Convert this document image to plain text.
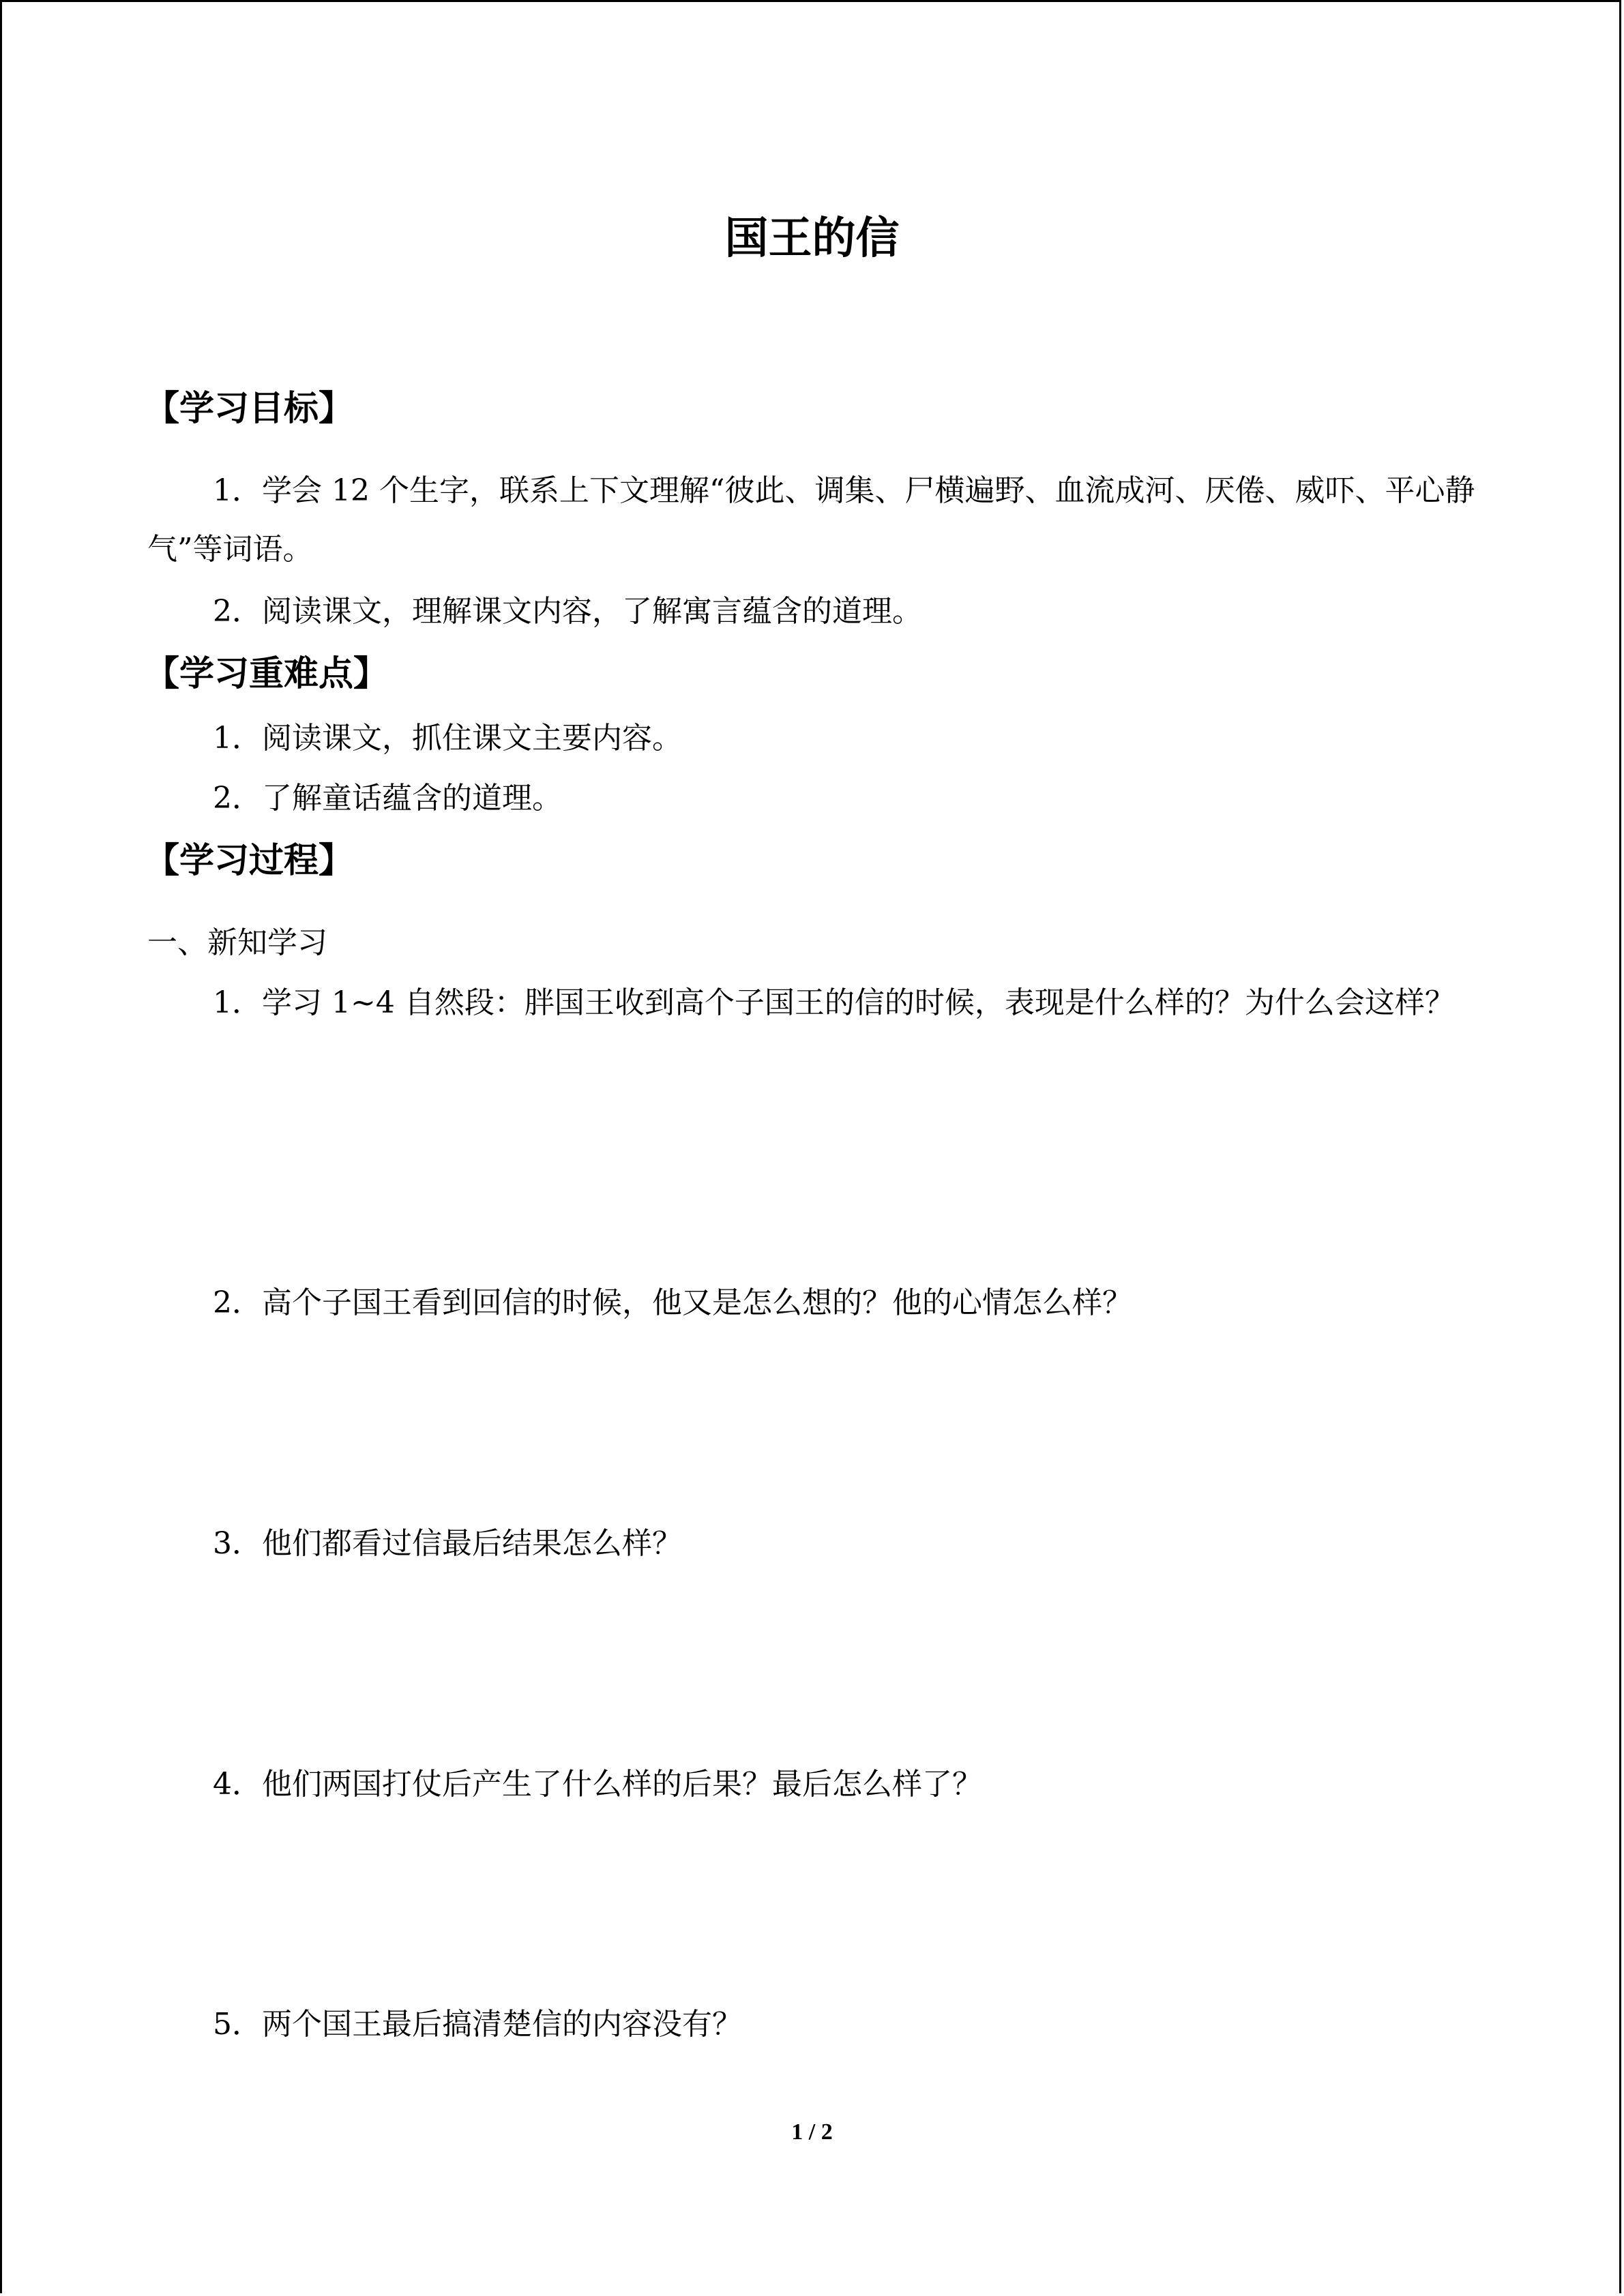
国王的信
【学习目标】
1．学会 12 个生字，联系上下文理解“彼此、调集、尸横遍野、血流成河、厌倦、威吓、平心静气”等词语。
2．阅读课文，理解课文内容，了解寓言蕴含的道理。
【学习重难点】
1．阅读课文，抓住课文主要内容。
2．了解童话蕴含的道理。
【学习过程】
一、新知学习
1．学习 1~4 自然段：胖国王收到高个子国王的信的时候，表现是什么样的？为什么会这样？
2．高个子国王看到回信的时候，他又是怎么想的？他的心情怎么样？
3．他们都看过信最后结果怎么样？
4．他们两国打仗后产生了什么样的后果？最后怎么样了？
5．两个国王最后搞清楚信的内容没有？
1 / 2
